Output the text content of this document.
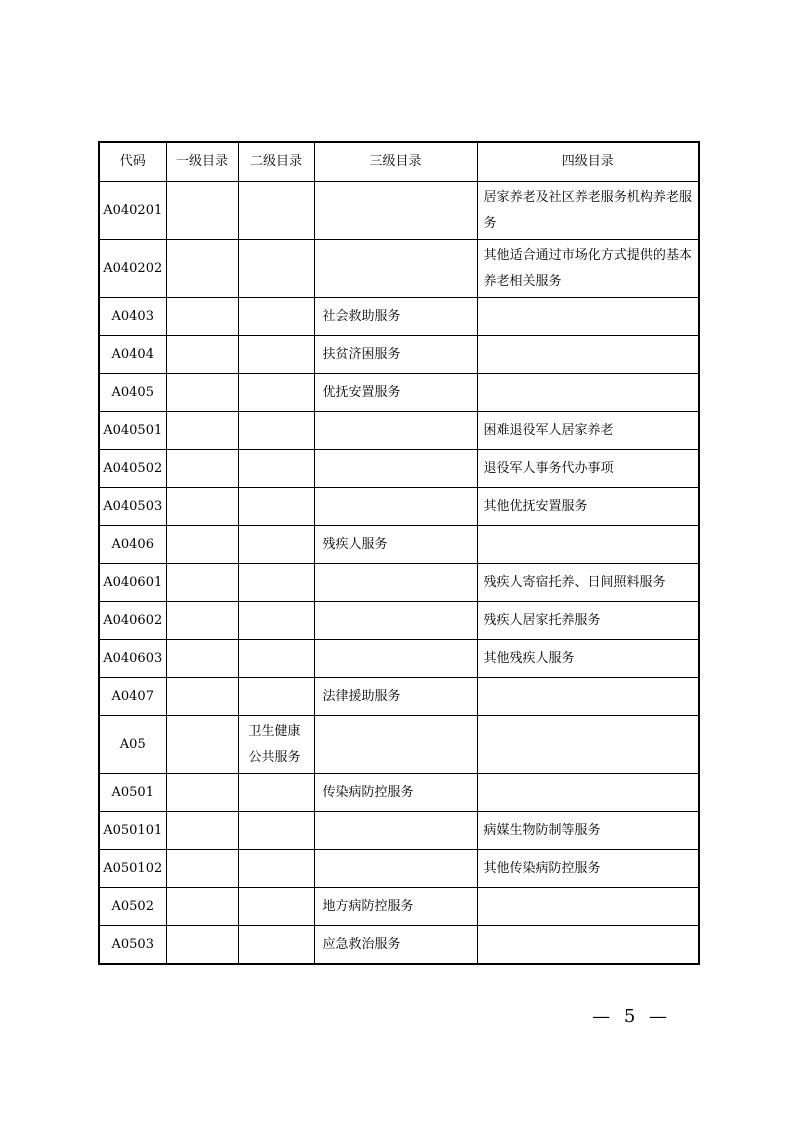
代码	一级目录	二级目录	三级目录	四级目录
A040201				居家养老及社区养老服务机构养老服务
A040202				其他适合通过市场化方式提供的基本养老相关服务
A0403			社会救助服务	
A0404			扶贫济困服务	
A0405			优抚安置服务	
A040501				困难退役军人居家养老
A040502				退役军人事务代办事项
A040503				其他优抚安置服务
A0406			残疾人服务	
A040601				残疾人寄宿托养、日间照料服务
A040602				残疾人居家托养服务
A040603				其他残疾人服务
A0407			法律援助服务	
A05		卫生健康公共服务		
A0501			传染病防控服务	
A050101				病媒生物防制等服务
A050102				其他传染病防控服务
A0502			地方病防控服务	
A0503			应急救治服务	
— 5 —
